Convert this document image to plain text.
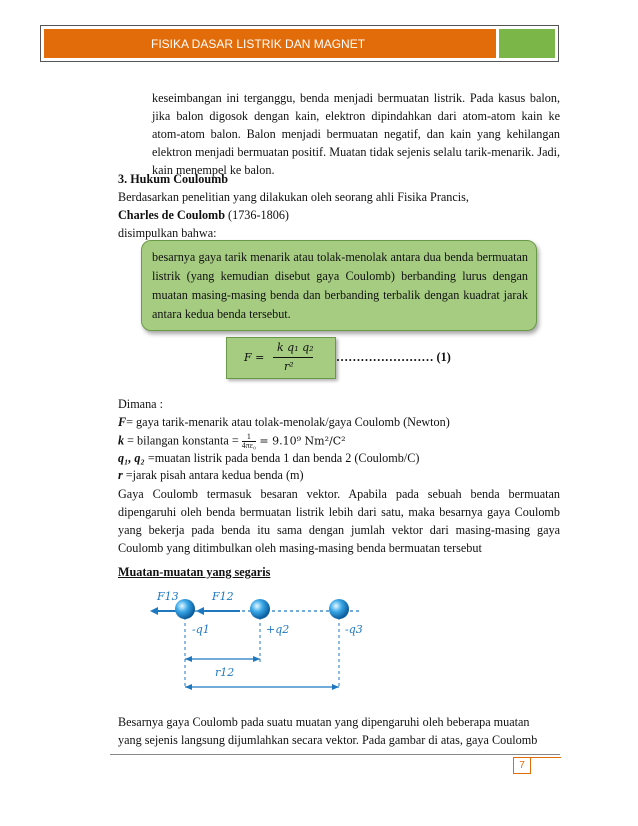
FISIKA DASAR LISTRIK DAN MAGNET
keseimbangan ini terganggu, benda menjadi bermuatan listrik. Pada kasus balon, jika balon digosok dengan kain, elektron dipindahkan dari atom-atom kain ke atom-atom balon. Balon menjadi bermuatan negatif, dan kain yang kehilangan elektron menjadi bermuatan positif. Muatan tidak sejenis selalu tarik-menarik. Jadi, kain menempel ke balon.
3. Hukum Couloumb
Berdasarkan penelitian yang dilakukan oleh seorang ahli Fisika Prancis,
Charles de Coulomb (1736-1806)
disimpulkan bahwa:
besarnya gaya tarik menarik atau tolak-menolak antara dua benda bermuatan listrik (yang kemudian disebut gaya Coulomb) berbanding lurus dengan muatan masing-masing benda dan berbanding terbalik dengan kuadrat jarak antara kedua benda tersebut.
F =
k q₁ q₂
r²
…………………… (1)
Dimana :
F= gaya tarik-menarik atau tolak-menolak/gaya Coulomb (Newton)
k = bilangan konstanta = $\frac{1}{\text{4πε₀}} = 9.10^9$ Nm²/C²
q₁, q₂ =muatan listrik pada benda 1 dan benda 2 (Coulomb/C)
r =jarak pisah antara kedua benda (m)
Gaya Coulomb termasuk besaran vektor. Apabila pada sebuah benda bermuatan dipengaruhi oleh benda bermuatan listrik lebih dari satu, maka besarnya gaya Coulomb yang bekerja pada benda itu sama dengan jumlah vektor dari masing-masing gaya Coulomb yang ditimbulkan oleh masing-masing benda bermuatan tersebut
Muatan-muatan yang segaris
F13	F12
-q1	+q2	-q3
r12
Besarnya gaya Coulomb pada suatu muatan yang dipengaruhi oleh beberapa muatan
yang sejenis langsung dijumlahkan secara vektor. Pada gambar di atas, gaya Coulomb
7
